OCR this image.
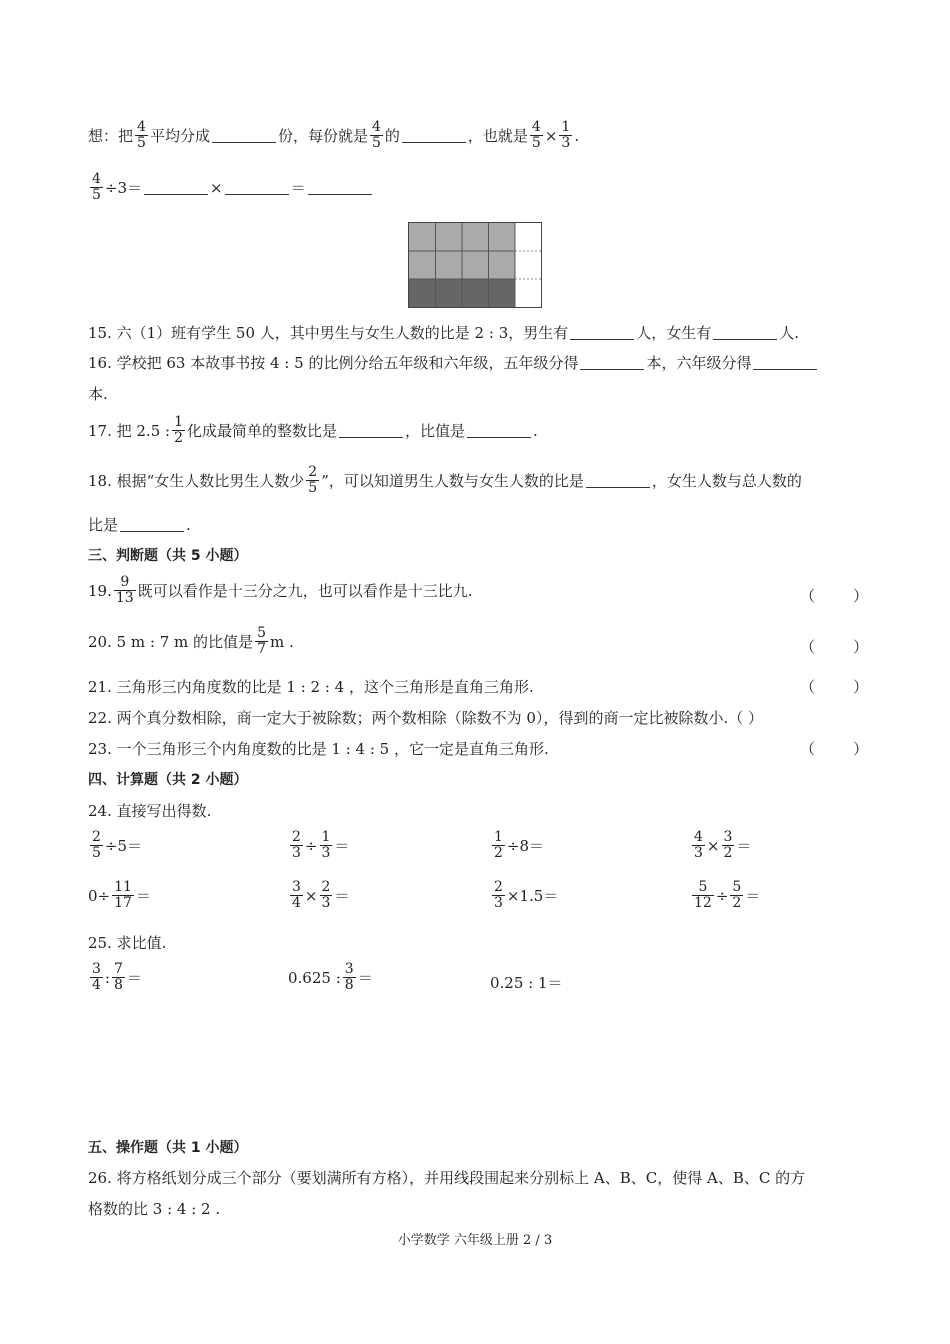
想：把 $\frac{4}{5}$ 平均分成	份，每份就是 $\frac{4}{5}$ 的	，也就是 $\frac{4}{5} \times \frac{1}{3}$ .
$\frac{4}{5} \div 3=$	×	＝
15. 六（1）班有学生 50 人，其中男生与女生人数的比是 2 : 3，男生有	人，女生有	人.
16. 学校把 63 本故事书按 4 : 5 的比例分给五年级和六年级，五年级分得	本，六年级分得
本.
17. 把 2.5 : $\frac{1}{2}$ 化成最简单的整数比是	，比值是	.
18. 根据“女生人数比男生人数少 $\frac{2}{5}$ ”，可以知道男生人数与女生人数的比是	，女生人数与总人数的
比是	.
三、判断题（共 5 小题）
19. $\frac{9}{13}$ 既可以看作是十三分之九，也可以看作是十三比九.	（        ）
20. 5 m : 7 m 的比值是 $\frac{5}{7}$ m .	（        ）
21. 三角形三内角度数的比是 1 : 2 : 4 ，这个三角形是直角三角形.	（        ）
22. 两个真分数相除，商一定大于被除数；两个数相除（除数不为 0），得到的商一定比被除数小.（ ）
23. 一个三角形三个内角度数的比是 1 : 4 : 5 ，它一定是直角三角形.	（        ）
四、计算题（共 2 小题）
24. 直接写出得数.
$\frac{2}{5} \div 5=$	$\frac{2}{3} \div \frac{1}{3}$ ＝	$\frac{1}{2} \div 8=$	$\frac{4}{3} \times \frac{3}{2}$ ＝
$0\div \frac{11}{17}$ ＝	$\frac{3}{4} \times \frac{2}{3}$ ＝	$\frac{2}{3} \times 1.5=$	$\frac{5}{12} \div \frac{5}{2}$ ＝
25. 求比值.
$\frac{3}{4}$ : $\frac{7}{8}$ ＝	0.625 : $\frac{3}{8}$ ＝	0.25 : 1＝
五、操作题（共 1 小题）
26. 将方格纸划分成三个部分（要划满所有方格），并用线段围起来分别标上 A、B、C，使得 A、B、C 的方
格数的比 3 : 4 : 2 .
小学数学 六年级上册 2 / 3
